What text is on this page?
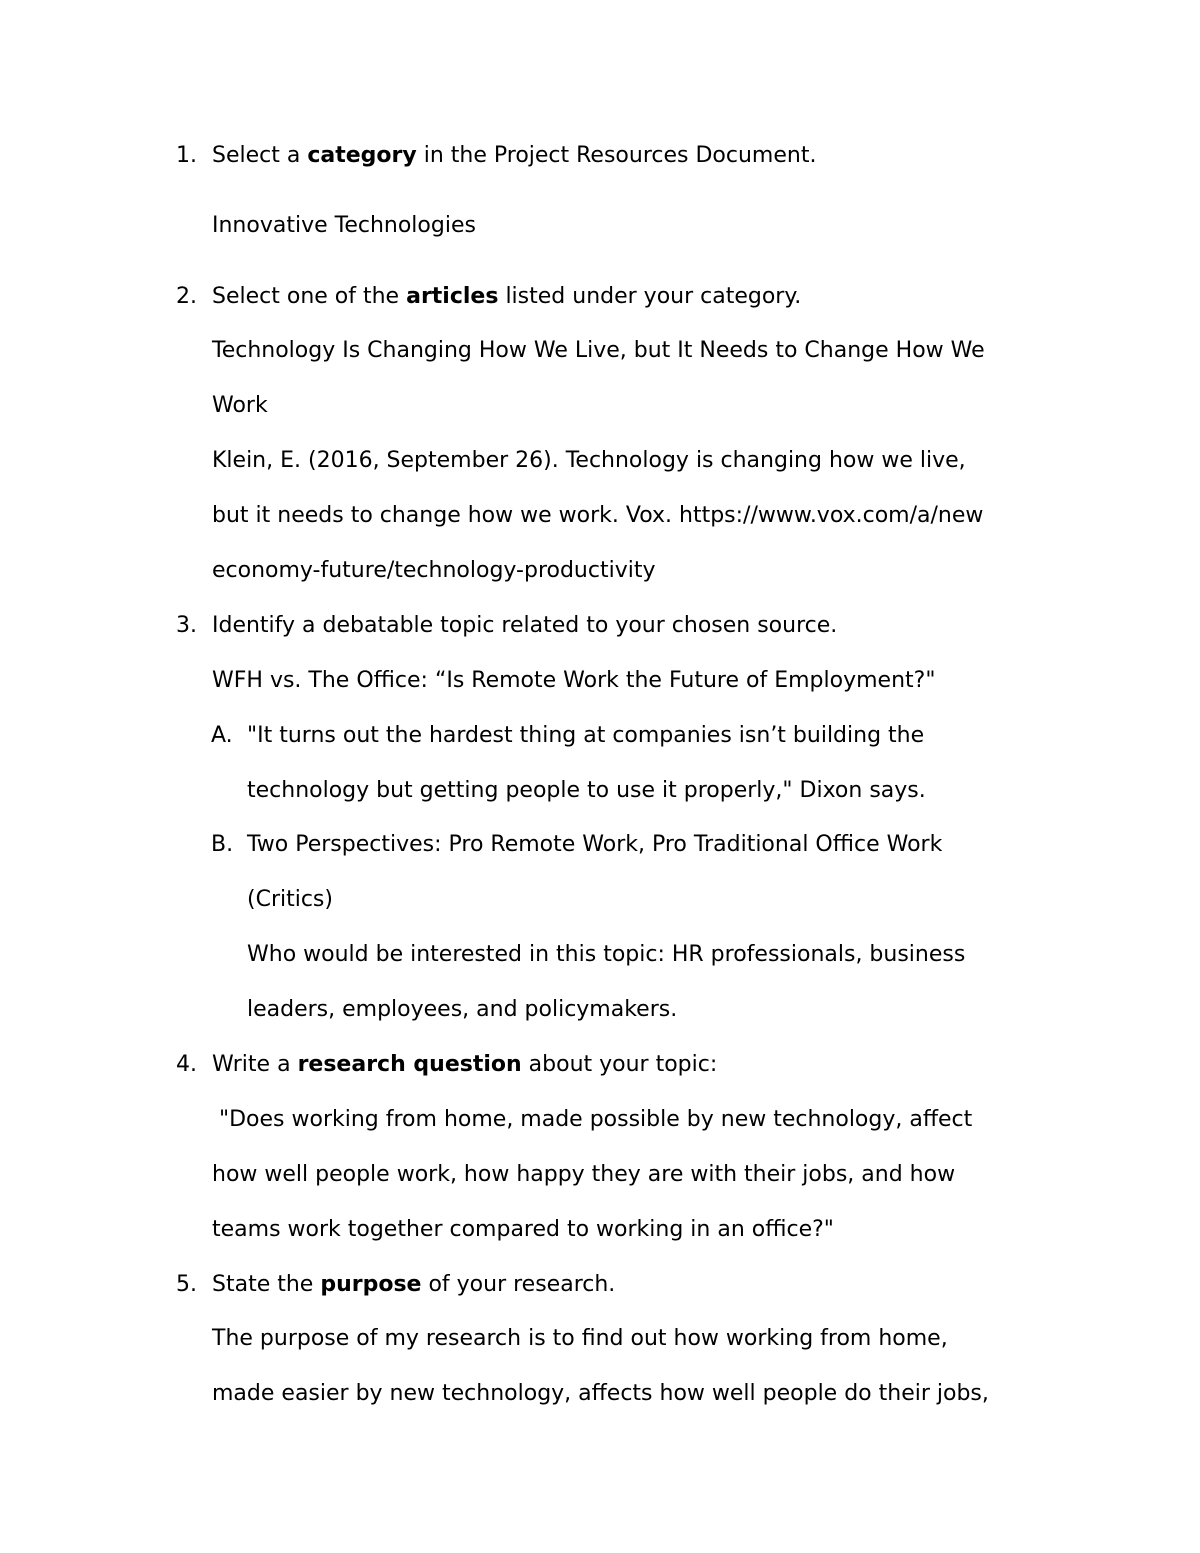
1. Select a category in the Project Resources Document.
Innovative Technologies
2. Select one of the articles listed under your category.
Technology Is Changing How We Live, but It Needs to Change How We
Work
Klein, E. (2016, September 26). Technology is changing how we live,
but it needs to change how we work. Vox. https://www.vox.com/a/new
economy-future/technology-productivity
3. Identify a debatable topic related to your chosen source.
WFH vs. The Office: “Is Remote Work the Future of Employment?"
A. "It turns out the hardest thing at companies isn’t building the
technology but getting people to use it properly," Dixon says.
B. Two Perspectives: Pro Remote Work, Pro Traditional Office Work
(Critics)
Who would be interested in this topic: HR professionals, business
leaders, employees, and policymakers.
4. Write a research question about your topic:
"Does working from home, made possible by new technology, affect
how well people work, how happy they are with their jobs, and how
teams work together compared to working in an office?"
5. State the purpose of your research.
The purpose of my research is to find out how working from home,
made easier by new technology, affects how well people do their jobs,
